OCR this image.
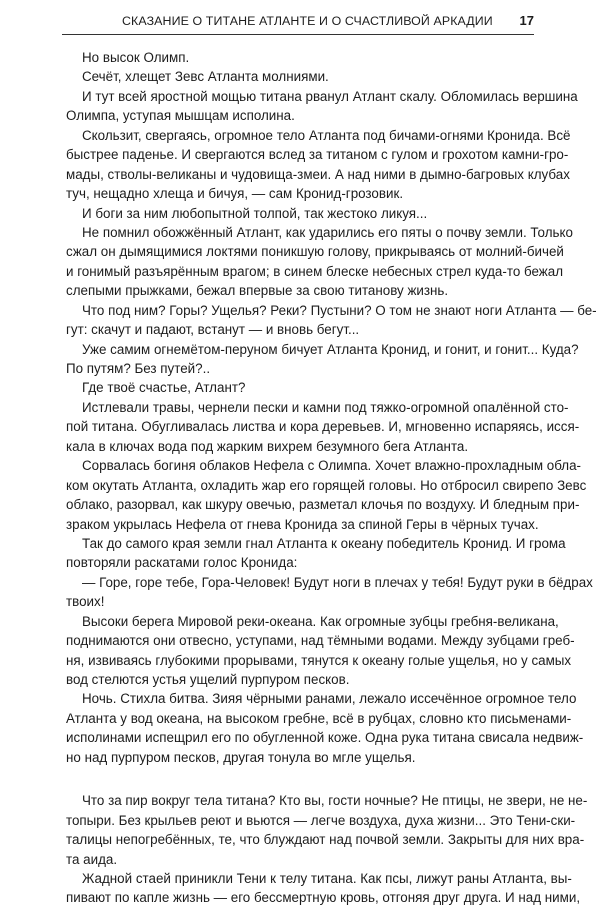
СКАЗАНИЕ О ТИТАНЕ АТЛАНТЕ И О СЧАСТЛИВОЙ АРКАДИИ 17
Но высок Олимп.
Сечёт, хлещет Зевс Атланта молниями.
И тут всей яростной мощью титана рванул Атлант скалу. Обломилась вершина
Олимпа, уступая мышцам исполина.
Скользит, свергаясь, огромное тело Атланта под бичами-огнями Кронида. Всё
быстрее паденье. И свергаются вслед за титаном с гулом и грохотом камни-гро-
мады, стволы-великаны и чудовища-змеи. А над ними в дымно-багровых клубах
туч, нещадно хлеща и бичуя, — сам Кронид-грозовик.
И боги за ним любопытной толпой, так жестоко ликуя...
Не помнил обожжённый Атлант, как ударились его пяты о почву земли. Только
сжал он дымящимися локтями поникшую голову, прикрываясь от молний-бичей
и гонимый разъярённым врагом; в синем блеске небесных стрел куда-то бежал
слепыми прыжками, бежал впервые за свою титанову жизнь.
Что под ним? Горы? Ущелья? Реки? Пустыни? О том не знают ноги Атланта — бе-
гут: скачут и падают, встанут — и вновь бегут...
Уже самим огнемётом-перуном бичует Атланта Кронид, и гонит, и гонит... Куда?
По путям? Без путей?..
Где твоё счастье, Атлант?
Истлевали травы, чернели пески и камни под тяжко-огромной опалённой сто-
пой титана. Обугливалась листва и кора деревьев. И, мгновенно испаряясь, исся-
кала в ключах вода под жарким вихрем безумного бега Атланта.
Сорвалась богиня облаков Нефела с Олимпа. Хочет влажно-прохладным обла-
ком окутать Атланта, охладить жар его горящей головы. Но отбросил свирепо Зевс
облако, разорвал, как шкуру овечью, разметал клочья по воздуху. И бледным при-
зраком укрылась Нефела от гнева Кронида за спиной Геры в чёрных тучах.
Так до самого края земли гнал Атланта к океану победитель Кронид. И грома
повторяли раскатами голос Кронида:
— Горе, горе тебе, Гора-Человек! Будут ноги в плечах у тебя! Будут руки в бёдрах
твоих!
Высоки берега Мировой реки-океана. Как огромные зубцы гребня-великана,
поднимаются они отвесно, уступами, над тёмными водами. Между зубцами греб-
ня, извиваясь глубокими прорывами, тянутся к океану голые ущелья, но у самых
вод стелются устья ущелий пурпуром песков.
Ночь. Стихла битва. Зияя чёрными ранами, лежало иссечённое огромное тело
Атланта у вод океана, на высоком гребне, всё в рубцах, словно кто письменами-
исполинами испещрил его по обугленной коже. Одна рука титана свисала недвиж-
но над пурпуром песков, другая тонула во мгле ущелья.
Что за пир вокруг тела титана? Кто вы, гости ночные? Не птицы, не звери, не не-
топыри. Без крыльев реют и вьются — легче воздуха, духа жизни... Это Тени-ски-
талицы непогребённых, те, что блуждают над почвой земли. Закрыты для них вра-
та аида.
Жадной стаей приникли Тени к телу титана. Как псы, лижут раны Атланта, вы-
пивают по капле жизнь — его бессмертную кровь, отгоняя друг друга. И над ними,
